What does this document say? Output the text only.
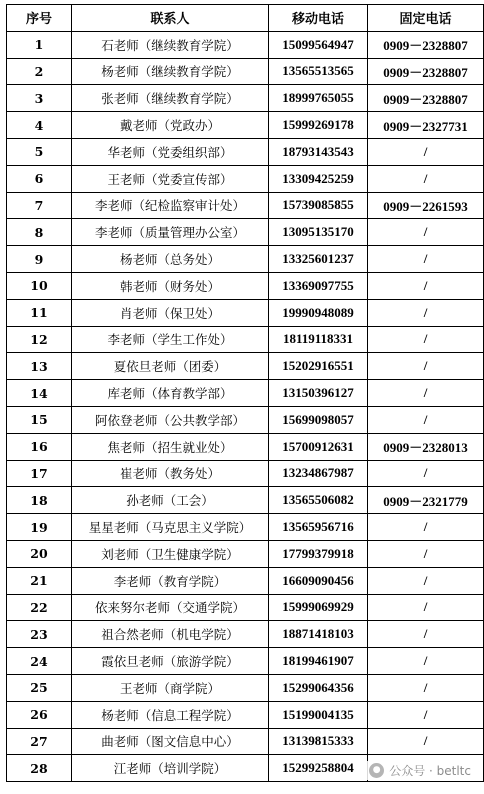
序号	联系人	移动电话	固定电话
1	石老师（继续教育学院）	15099564947	0909－2328807
2	杨老师（继续教育学院）	13565513565	0909－2328807
3	张老师（继续教育学院）	18999765055	0909－2328807
4	戴老师（党政办）	15999269178	0909－2327731
5	华老师（党委组织部）	18793143543	/
6	王老师（党委宣传部）	13309425259	/
7	李老师（纪检监察审计处）	15739085855	0909－2261593
8	李老师（质量管理办公室）	13095135170	/
9	杨老师（总务处）	13325601237	/
10	韩老师（财务处）	13369097755	/
11	肖老师（保卫处）	19990948089	/
12	李老师（学生工作处）	18119118331	/
13	夏依旦老师（团委）	15202916551	/
14	库老师（体育教学部）	13150396127	/
15	阿依登老师（公共教学部）	15699098057	/
16	焦老师（招生就业处）	15700912631	0909－2328013
17	崔老师（教务处）	13234867987	/
18	孙老师（工会）	13565506082	0909－2321779
19	星星老师（马克思主义学院）	13565956716	/
20	刘老师（卫生健康学院）	17799379918	/
21	李老师（教育学院）	16609090456	/
22	依来努尔老师（交通学院）	15999069929	/
23	祖合然老师（机电学院）	18871418103	/
24	霞依旦老师（旅游学院）	18199461907	/
25	王老师（商学院）	15299064356	/
26	杨老师（信息工程学院）	15199004135	/
27	曲老师（图文信息中心）	13139815333	/
28	江老师（培训学院）	15299258804		● 公众号 · betltc
